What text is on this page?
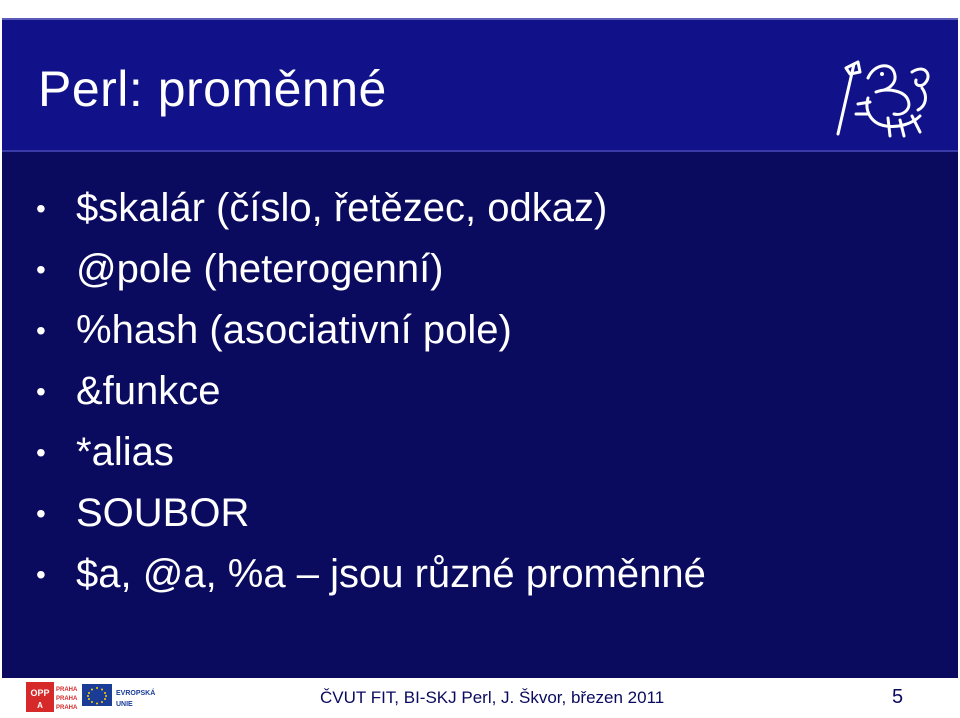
Perl: proměnné
• $skalár (číslo, řetězec, odkaz)
• @pole (heterogenní)
• %hash (asociativní pole)
• &funkce
• *alias
• SOUBOR
• $a, @a, %a – jsou různé proměnné
OPP
A
PRAHA
PRAHA
PRAHA
EVROPSKÁ
UNIE	ČVUT FIT, BI-SKJ Perl, J. Škvor, březen 2011	5
